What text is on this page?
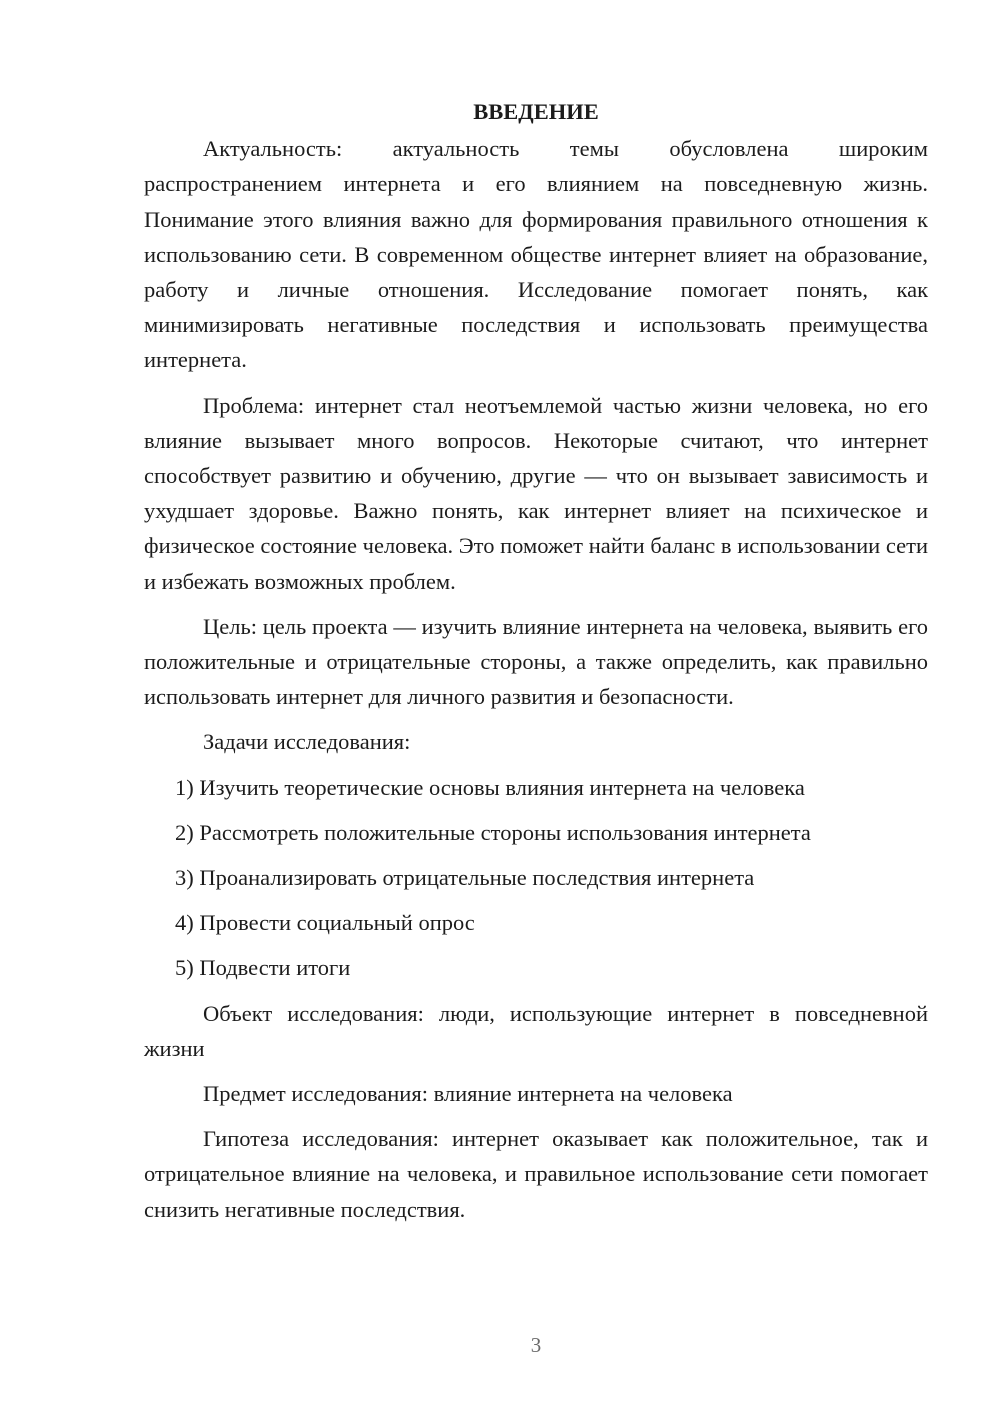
ВВЕДЕНИЕ

Актуальность: актуальность темы обусловлена широким распространением интернета и его влиянием на повседневную жизнь. Понимание этого влияния важно для формирования правильного отношения к использованию сети. В современном обществе интернет влияет на образование, работу и личные отношения. Исследование помогает понять, как минимизировать негативные последствия и использовать преимущества интернета.

Проблема: интернет стал неотъемлемой частью жизни человека, но его влияние вызывает много вопросов. Некоторые считают, что интернет способствует развитию и обучению, другие — что он вызывает зависимость и ухудшает здоровье. Важно понять, как интернет влияет на психическое и физическое состояние человека. Это поможет найти баланс в использовании сети и избежать возможных проблем.

Цель: цель проекта — изучить влияние интернета на человека, выявить его положительные и отрицательные стороны, а также определить, как правильно использовать интернет для личного развития и безопасности.

Задачи исследования:

1) Изучить теоретические основы влияния интернета на человека
2) Рассмотреть положительные стороны использования интернета
3) Проанализировать отрицательные последствия интернета
4) Провести социальный опрос
5) Подвести итоги

Объект исследования: люди, использующие интернет в повседневной жизни

Предмет исследования: влияние интернета на человека

Гипотеза исследования: интернет оказывает как положительное, так и отрицательное влияние на человека, и правильное использование сети помогает снизить негативные последствия.

3
